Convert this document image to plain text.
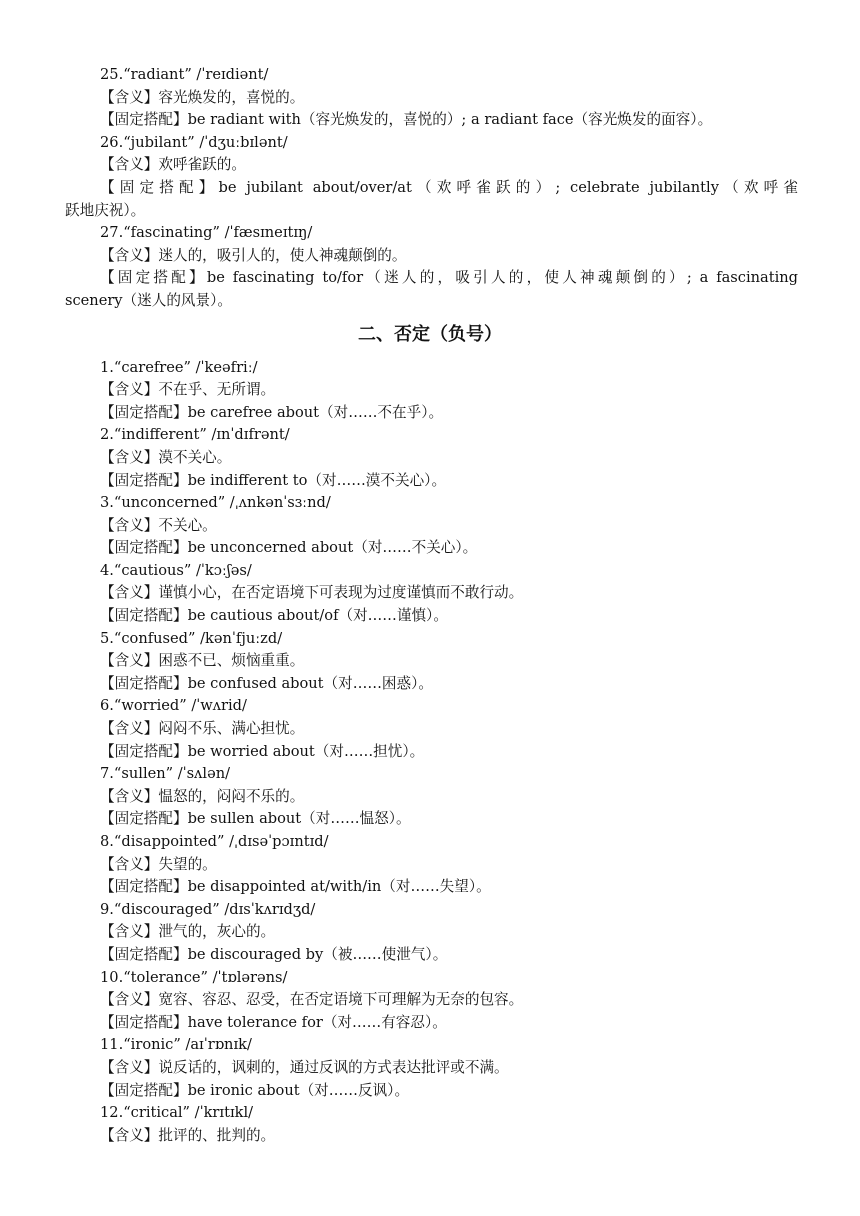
25.“radiant” /ˈreɪdiənt/
【含义】容光焕发的，喜悦的。
【固定搭配】be radiant with（容光焕发的，喜悦的）; a radiant face（容光焕发的面容）。
26.“jubilant” /ˈdʒuːbɪlənt/
【含义】欢呼雀跃的。
【固定搭配】be jubilant about/over/at（欢呼雀跃的）; celebrate jubilantly（欢呼雀
跃地庆祝）。
27.“fascinating” /ˈfæsɪneɪtɪŋ/
【含义】迷人的，吸引人的，使人神魂颠倒的。
【固定搭配】be fascinating to/for（迷人的，吸引人的，使人神魂颠倒的）; a fascinating
scenery（迷人的风景）。
二、否定（负号）
1.“carefree” /ˈkeəfriː/
【含义】不在乎、无所谓。
【固定搭配】be carefree about（对……不在乎）。
2.“indifferent” /ɪnˈdɪfrənt/
【含义】漠不关心。
【固定搭配】be indifferent to（对……漠不关心）。
3.“unconcerned” /ˌʌnkənˈsɜːnd/
【含义】不关心。
【固定搭配】be unconcerned about（对……不关心）。
4.“cautious” /ˈkɔːʃəs/
【含义】谨慎小心，在否定语境下可表现为过度谨慎而不敢行动。
【固定搭配】be cautious about/of（对……谨慎）。
5.“confused” /kənˈfjuːzd/
【含义】困惑不已、烦恼重重。
【固定搭配】be confused about（对……困惑）。
6.“worried” /ˈwʌrid/
【含义】闷闷不乐、满心担忧。
【固定搭配】be worried about（对……担忧）。
7.“sullen” /ˈsʌlən/
【含义】愠怒的，闷闷不乐的。
【固定搭配】be sullen about（对……愠怒）。
8.“disappointed” /ˌdɪsəˈpɔɪntɪd/
【含义】失望的。
【固定搭配】be disappointed at/with/in（对……失望）。
9.“discouraged” /dɪsˈkʌrɪdʒd/
【含义】泄气的，灰心的。
【固定搭配】be discouraged by（被……使泄气）。
10.“tolerance” /ˈtɒlərəns/
【含义】宽容、容忍、忍受，在否定语境下可理解为无奈的包容。
【固定搭配】have tolerance for（对……有容忍）。
11.“ironic” /aɪˈrɒnɪk/
【含义】说反话的，讽刺的，通过反讽的方式表达批评或不满。
【固定搭配】be ironic about（对……反讽）。
12.“critical” /ˈkrɪtɪkl/
【含义】批评的、批判的。
